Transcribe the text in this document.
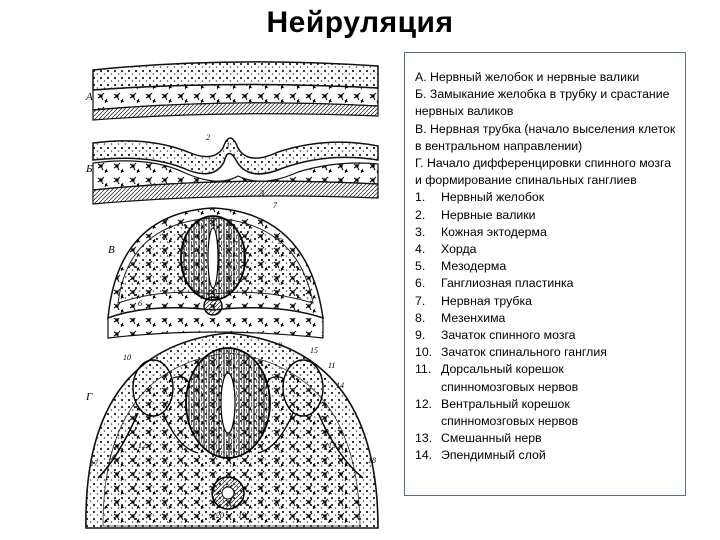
Нейруляция
А
Б
В
Г
1
2
3
4
5
6
7
8
9
10
11
12	13
14
15
16
17	18
19
20
А. Нервный желобок и нервные валики
Б. Замыкание желобка в трубку и срастание нервных валиков
В. Нервная трубка (начало выселения клеток в вентральном направлении)
Г. Начало дифференцировки спинного мозга и формирование спинальных ганглиев
1.	Нервный желобок
2.	Нервные валики
3.	Кожная эктодерма
4.	Хорда
5.	Мезодерма
6.	Ганглиозная пластинка
7.	Нервная трубка
8.	Мезенхима
9.	Зачаток спинного мозга
10. Зачаток спинального ганглия
11. Дорсальный корешок
спинномозговых нервов
12. Вентральный корешок
спинномозговых нервов
13. Смешанный нерв
14. Эпендимный слой
